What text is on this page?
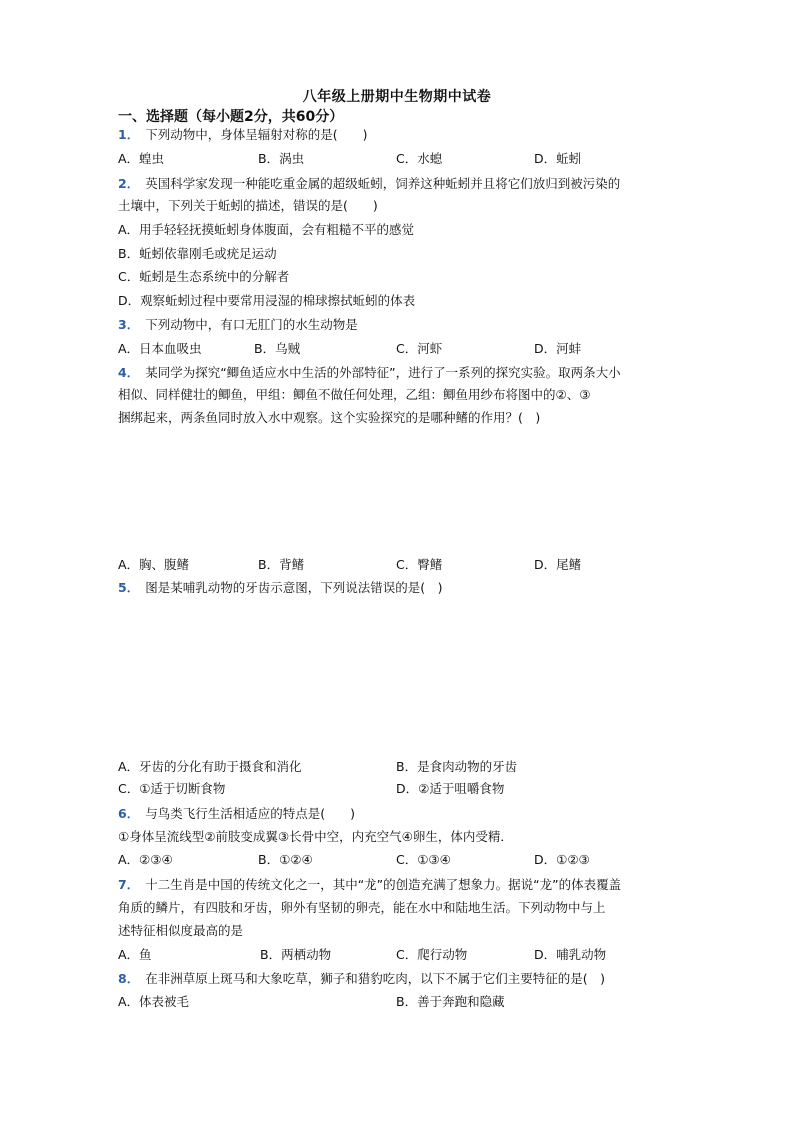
八年级上册期中生物期中试卷
一、选择题（每小题2分，共60分）
1． 下列动物中，身体呈辐射对称的是(　　)
A．蝗虫	B．涡虫	C．水螅	D．蚯蚓
2． 英国科学家发现一种能吃重金属的超级蚯蚓，饲养这种蚯蚓并且将它们放归到被污染的
土壤中，下列关于蚯蚓的描述，错误的是(　　)
A．用手轻轻抚摸蚯蚓身体腹面，会有粗糙不平的感觉
B．蚯蚓依靠刚毛或疣足运动
C．蚯蚓是生态系统中的分解者
D．观察蚯蚓过程中要常用浸湿的棉球擦拭蚯蚓的体表
3． 下列动物中，有口无肛门的水生动物是
A．日本血吸虫	B．乌贼	C．河虾	D．河蚌
4． 某同学为探究“鲫鱼适应水中生活的外部特征”，进行了一系列的探究实验。取两条大小
相似、同样健壮的鲫鱼，甲组：鲫鱼不做任何处理，乙组：鲫鱼用纱布将图中的②、③
捆绑起来，两条鱼同时放入水中观察。这个实验探究的是哪种鳍的作用？(　)
A．胸、腹鳍	B．背鳍	C．臀鳍	D．尾鳍
5． 图是某哺乳动物的牙齿示意图，下列说法错误的是(　)
A．牙齿的分化有助于摄食和消化	B．是食肉动物的牙齿
C．①适于切断食物	D．②适于咀嚼食物
6． 与鸟类飞行生活相适应的特点是(　　)
①身体呈流线型②前肢变成翼③长骨中空，内充空气④卵生，体内受精．
A．②③④	B．①②④	C．①③④	D．①②③
7． 十二生肖是中国的传统文化之一，其中“龙”的创造充满了想象力。据说“龙”的体表覆盖
角质的鳞片，有四肢和牙齿，卵外有坚韧的卵壳，能在水中和陆地生活。下列动物中与上
述特征相似度最高的是
A．鱼	B．两栖动物	C．爬行动物	D．哺乳动物
8． 在非洲草原上斑马和大象吃草，狮子和猎豹吃肉，以下不属于它们主要特征的是(　)
A．体表被毛	B．善于奔跑和隐藏
